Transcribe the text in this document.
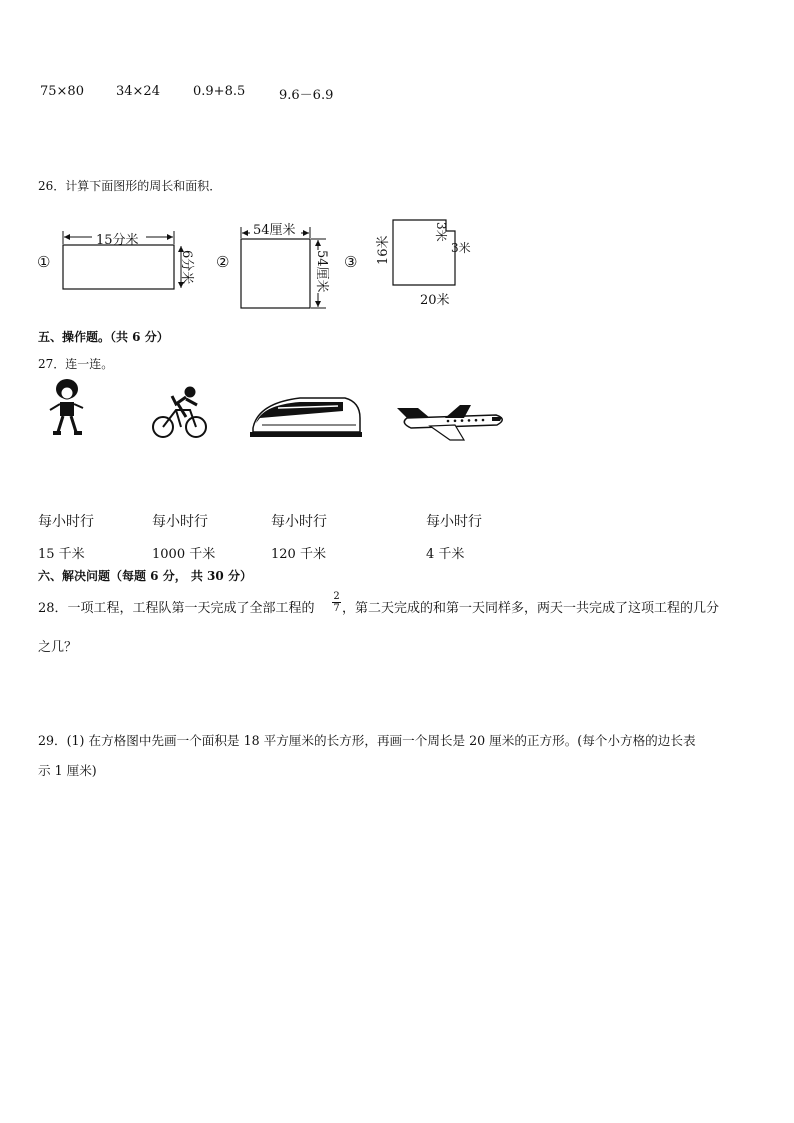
75×80 34×24	0.9+8.5	9.6－6.9
26．计算下面图形的周长和面积．
①
15分米
6分米 ②
54厘米
54厘米 ③	16米
3米
3米
20米
五、操作题。（共 6 分）
27．连一连。
每小时行	每小时行	每小时行	每小时行
15 千米	1000 千米	120 千米	4 千米
六、解决问题（每题 6 分， 共 30 分）
28．一项工程，工程队第一天完成了全部工程的 $\frac{2}{7}$ ，第二天完成的和第一天同样多，两天一共完成了这项工程的几分
之几？
29．(1) 在方格图中先画一个面积是 18 平方厘米的长方形，再画一个周长是 20 厘米的正方形。(每个小方格的边长表
示 1 厘米)
